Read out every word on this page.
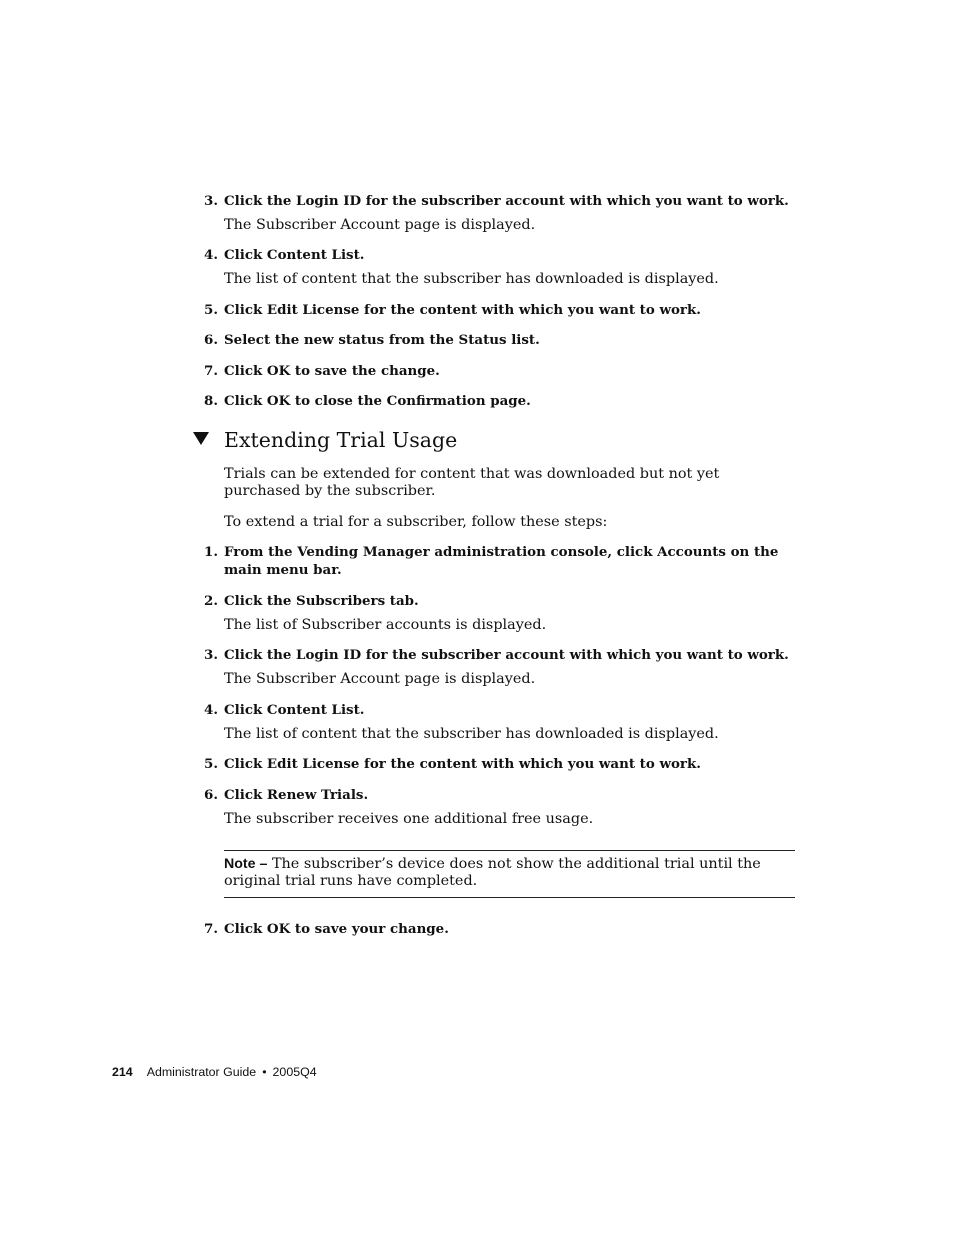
3. Click the Login ID for the subscriber account with which you want to work.
The Subscriber Account page is displayed.
4. Click Content List.
The list of content that the subscriber has downloaded is displayed.
5. Click Edit License for the content with which you want to work.
6. Select the new status from the Status list.
7. Click OK to save the change.
8. Click OK to close the Confirmation page.
Extending Trial Usage
Trials can be extended for content that was downloaded but not yet purchased by the subscriber.
To extend a trial for a subscriber, follow these steps:
1. From the Vending Manager administration console, click Accounts on the main menu bar.
2. Click the Subscribers tab.
The list of Subscriber accounts is displayed.
3. Click the Login ID for the subscriber account with which you want to work.
The Subscriber Account page is displayed.
4. Click Content List.
The list of content that the subscriber has downloaded is displayed.
5. Click Edit License for the content with which you want to work.
6. Click Renew Trials.
The subscriber receives one additional free usage.
Note – The subscriber’s device does not show the additional trial until the original trial runs have completed.
7. Click OK to save your change.
214 Administrator Guide • 2005Q4
